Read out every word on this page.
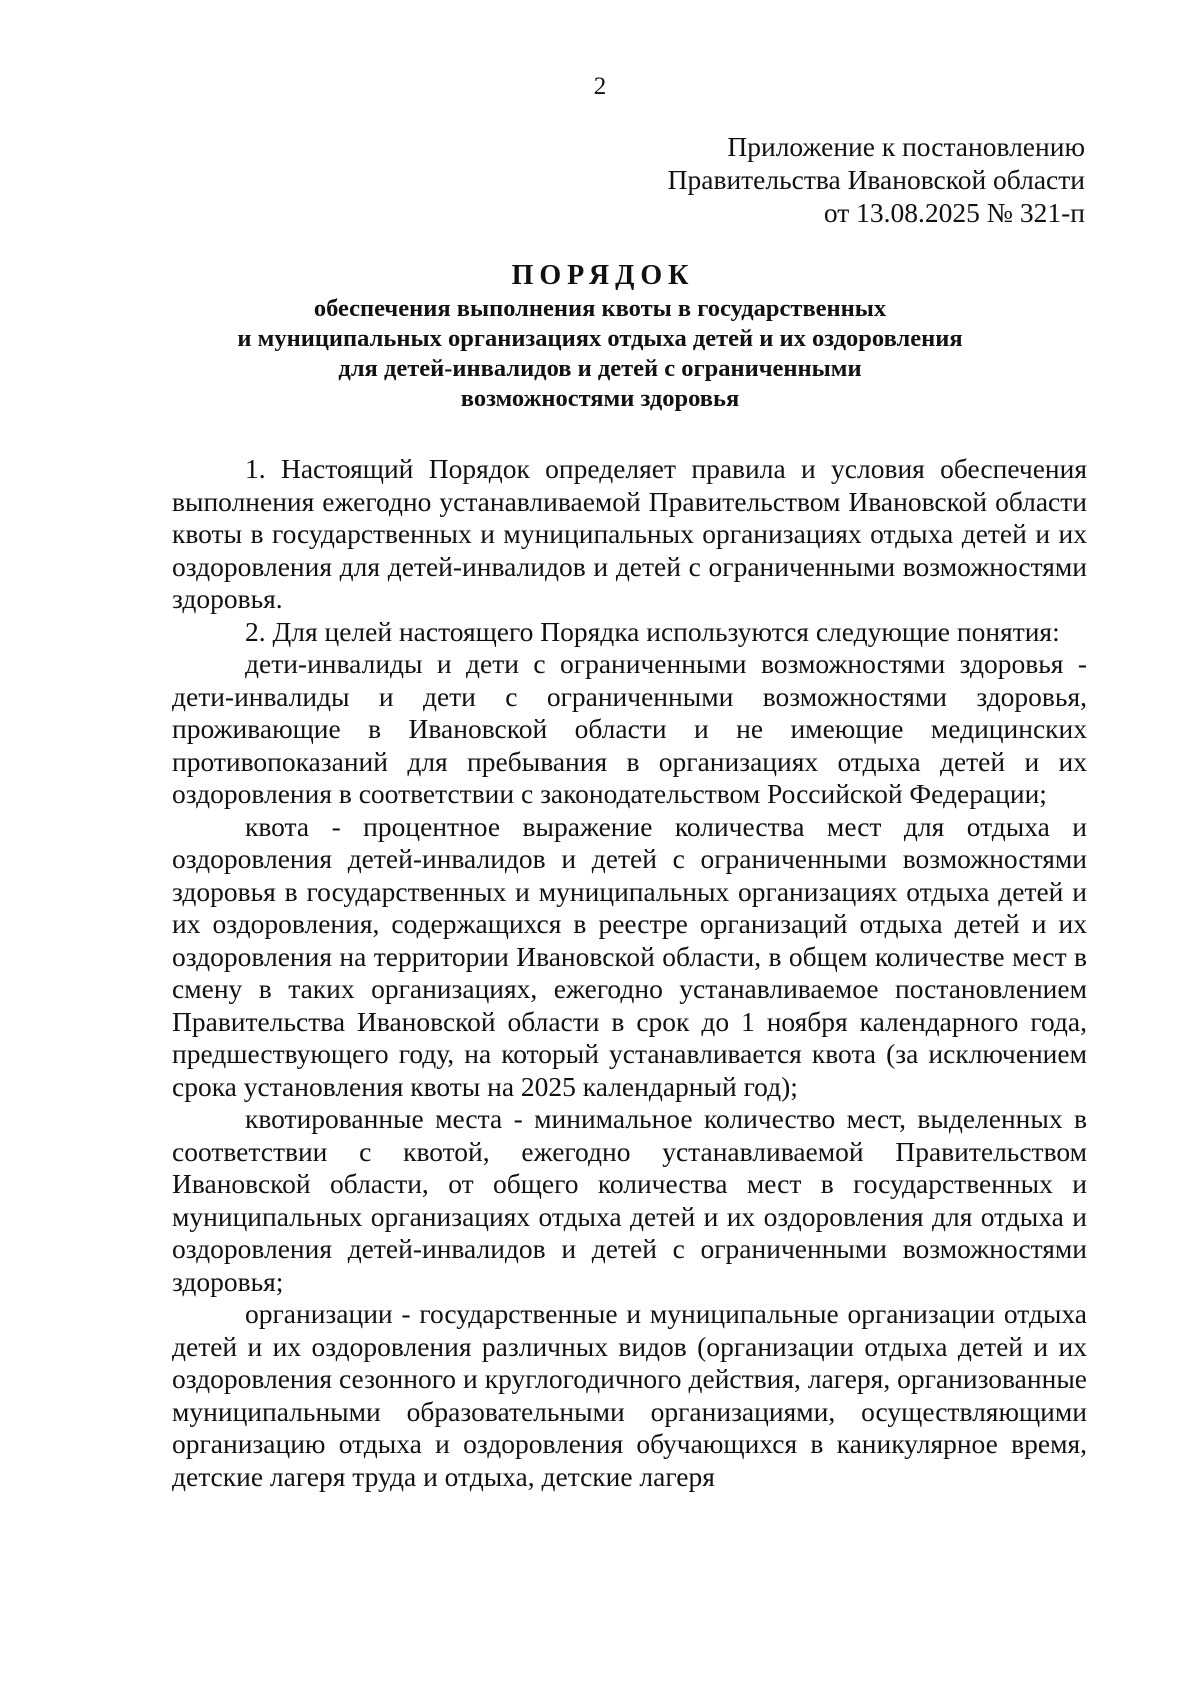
2
Приложение к постановлению
Правительства Ивановской области
от 13.08.2025 № 321-п
ПОРЯДОК
обеспечения выполнения квоты в государственных
и муниципальных организациях отдыха детей и их оздоровления
для детей-инвалидов и детей с ограниченными
возможностями здоровья

1. Настоящий Порядок определяет правила и условия обеспечения выполнения ежегодно устанавливаемой Правительством Ивановской области квоты в государственных и муниципальных организациях отдыха детей и их оздоровления для детей-инвалидов и детей с ограниченными возможностями здоровья.

2. Для целей настоящего Порядка используются следующие понятия:

дети-инвалиды и дети с ограниченными возможностями здоровья - дети-инвалиды и дети с ограниченными возможностями здоровья, проживающие в Ивановской области и не имеющие медицинских противопоказаний для пребывания в организациях отдыха детей и их оздоровления в соответствии с законодательством Российской Федерации;

квота - процентное выражение количества мест для отдыха и оздоровления детей-инвалидов и детей с ограниченными возможностями здоровья в государственных и муниципальных организациях отдыха детей и их оздоровления, содержащихся в реестре организаций отдыха детей и их оздоровления на территории Ивановской области, в общем количестве мест в смену в таких организациях, ежегодно устанавливаемое постановлением Правительства Ивановской области в срок до 1 ноября календарного года, предшествующего году, на который устанавливается квота (за исключением срока установления квоты на 2025 календарный год);

квотированные места - минимальное количество мест, выделенных в соответствии с квотой, ежегодно устанавливаемой Правительством Ивановской области, от общего количества мест в государственных и муниципальных организациях отдыха детей и их оздоровления для отдыха и оздоровления детей-инвалидов и детей с ограниченными возможностями здоровья;

организации - государственные и муниципальные организации отдыха детей и их оздоровления различных видов (организации отдыха детей и их оздоровления сезонного и круглогодичного действия, лагеря, организованные муниципальными образовательными организациями, осуществляющими организацию отдыха и оздоровления обучающихся в каникулярное время, детские лагеря труда и отдыха, детские лагеря
